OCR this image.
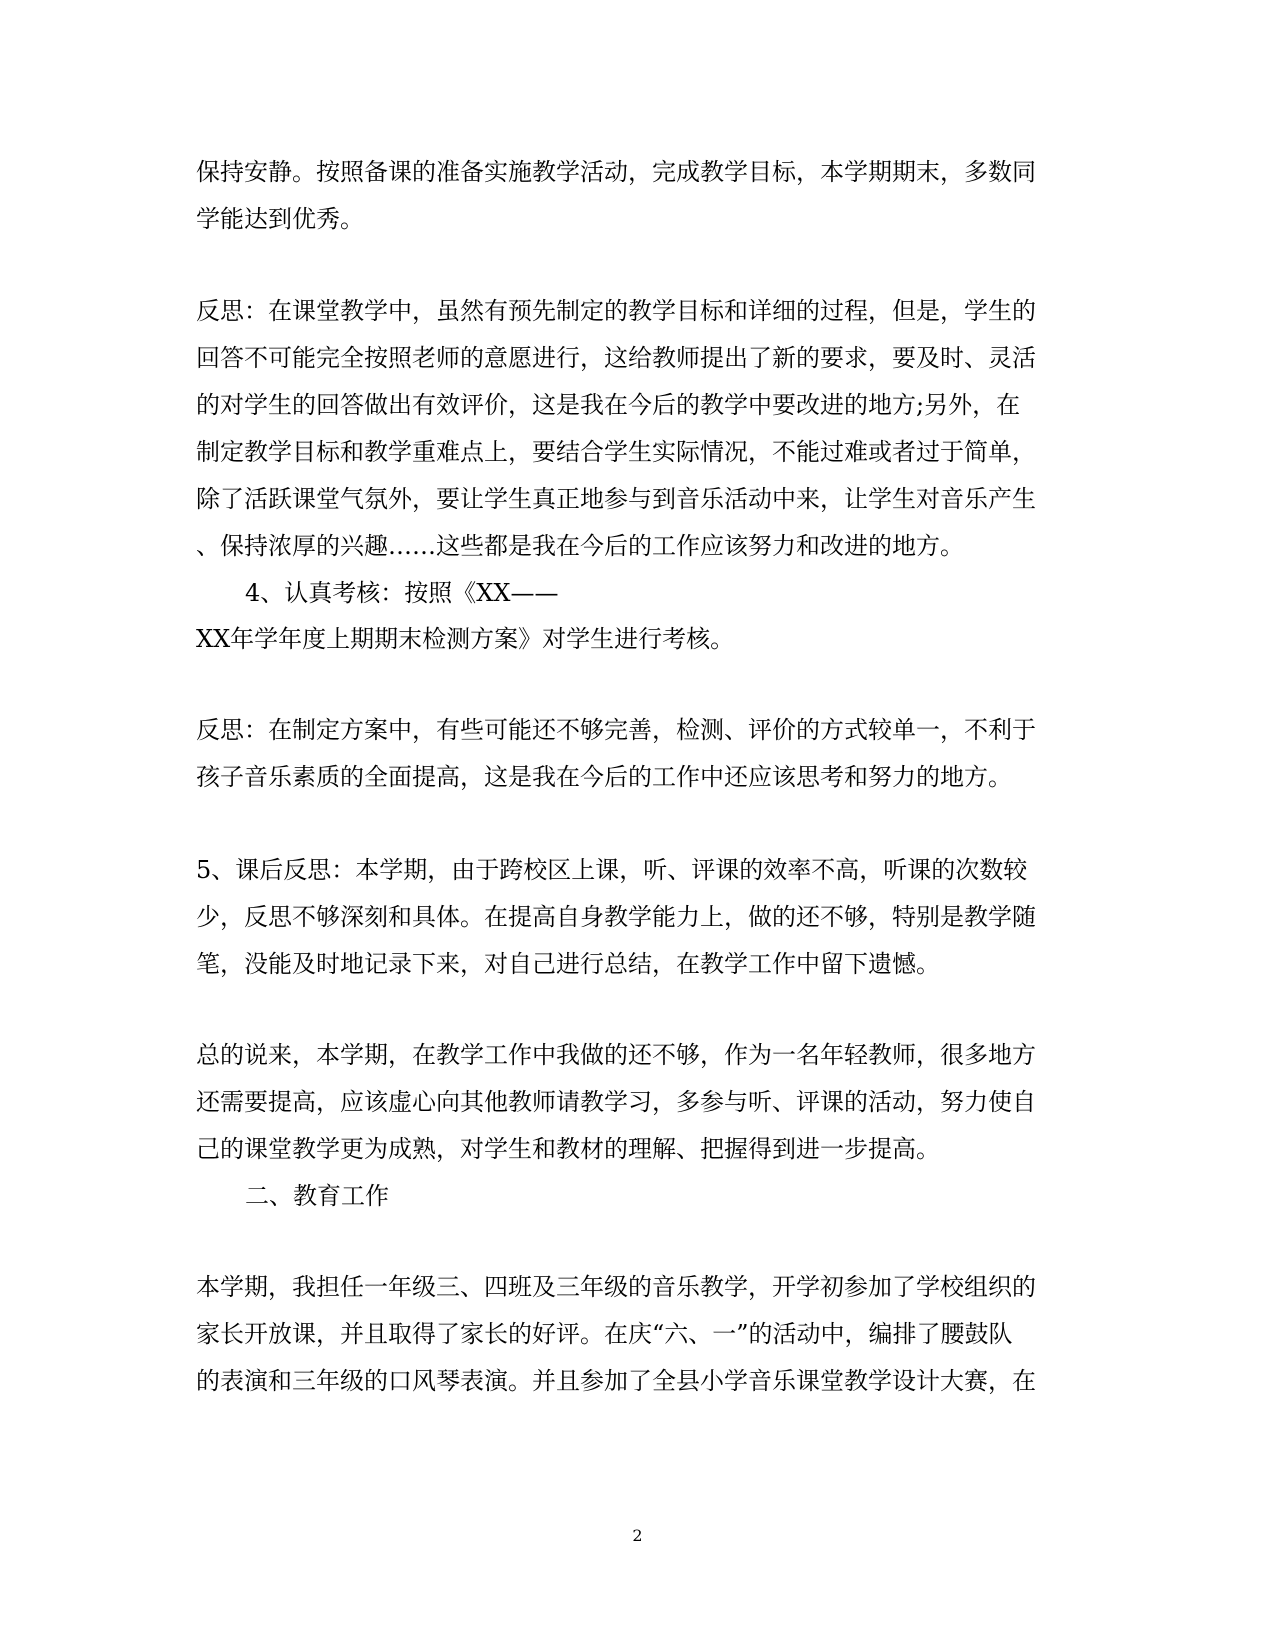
保持安静。按照备课的准备实施教学活动，完成教学目标，本学期期末，多数同
学能达到优秀。
反思：在课堂教学中，虽然有预先制定的教学目标和详细的过程，但是，学生的
回答不可能完全按照老师的意愿进行，这给教师提出了新的要求，要及时、灵活
的对学生的回答做出有效评价，这是我在今后的教学中要改进的地方;另外，在
制定教学目标和教学重难点上，要结合学生实际情况，不能过难或者过于简单，
除了活跃课堂气氛外，要让学生真正地参与到音乐活动中来，让学生对音乐产生
、保持浓厚的兴趣……这些都是我在今后的工作应该努力和改进的地方。
4、认真考核：按照《XX——
XX年学年度上期期末检测方案》对学生进行考核。
反思：在制定方案中，有些可能还不够完善，检测、评价的方式较单一，不利于
孩子音乐素质的全面提高，这是我在今后的工作中还应该思考和努力的地方。
5、课后反思：本学期，由于跨校区上课，听、评课的效率不高，听课的次数较
少，反思不够深刻和具体。在提高自身教学能力上，做的还不够，特别是教学随
笔，没能及时地记录下来，对自己进行总结，在教学工作中留下遗憾。
总的说来，本学期，在教学工作中我做的还不够，作为一名年轻教师，很多地方
还需要提高，应该虚心向其他教师请教学习，多参与听、评课的活动，努力使自
己的课堂教学更为成熟，对学生和教材的理解、把握得到进一步提高。
二、教育工作
本学期，我担任一年级三、四班及三年级的音乐教学，开学初参加了学校组织的
家长开放课，并且取得了家长的好评。在庆“六、一”的活动中，编排了腰鼓队
的表演和三年级的口风琴表演。并且参加了全县小学音乐课堂教学设计大赛，在
2
